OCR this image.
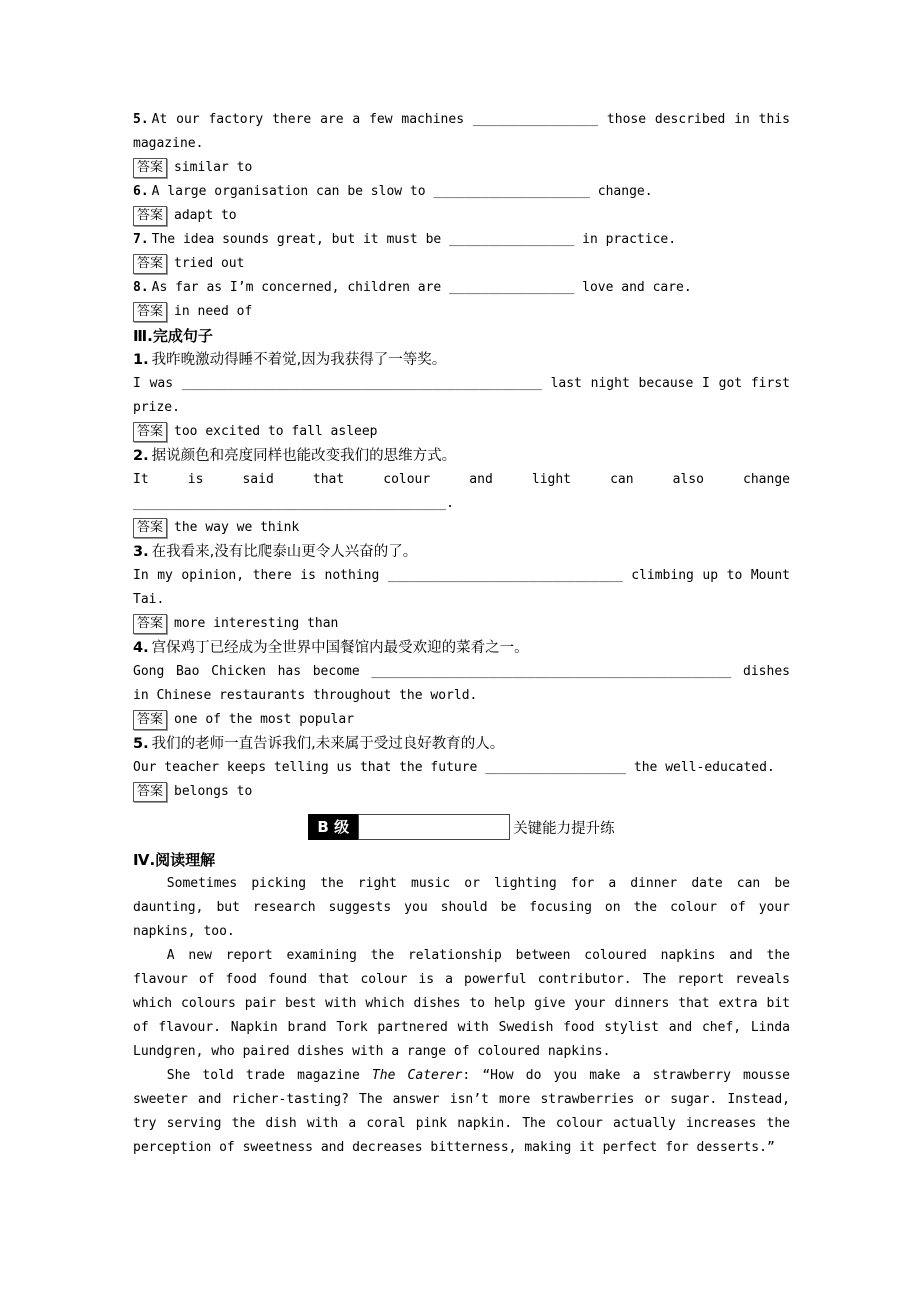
5. At our factory there are a few machines ________________ those described in this magazine.
答案 similar to
6. A large organisation can be slow to ____________________ change.
答案 adapt to
7. The idea sounds great, but it must be ________________ in practice.
答案 tried out
8. As far as I’m concerned, children are ________________ love and care.
答案 in need of
Ⅲ.完成句子
1. 我昨晚激动得睡不着觉,因为我获得了一等奖。
I was ______________________________________________ last night because I got first prize.
答案 too excited to fall asleep
2. 据说颜色和亮度同样也能改变我们的思维方式。
It is said that colour and light can also change ________________________________________.
答案 the way we think
3. 在我看来,没有比爬泰山更令人兴奋的了。
In my opinion, there is nothing ______________________________ climbing up to Mount Tai.
答案 more interesting than
4. 宫保鸡丁已经成为全世界中国餐馆内最受欢迎的菜肴之一。
Gong Bao Chicken has become ______________________________________________ dishes in Chinese restaurants throughout the world.
答案 one of the most popular
5. 我们的老师一直告诉我们,未来属于受过良好教育的人。
Our teacher keeps telling us that the future __________________ the well-educated.
答案 belongs to
B 级	关键能力提升练
Ⅳ.阅读理解

Sometimes picking the right music or lighting for a dinner date can be daunting, but research suggests you should be focusing on the colour of your napkins, too.

A new report examining the relationship between coloured napkins and the flavour of food found that colour is a powerful contributor. The report reveals which colours pair best with which dishes to help give your dinners that extra bit of flavour. Napkin brand Tork partnered with Swedish food stylist and chef, Linda Lundgren, who paired dishes with a range of coloured napkins.

She told trade magazine The Caterer: “How do you make a strawberry mousse sweeter and richer-tasting? The answer isn’t more strawberries or sugar. Instead, try serving the dish with a coral pink napkin. The colour actually increases the perception of sweetness and decreases bitterness, making it perfect for desserts.”
